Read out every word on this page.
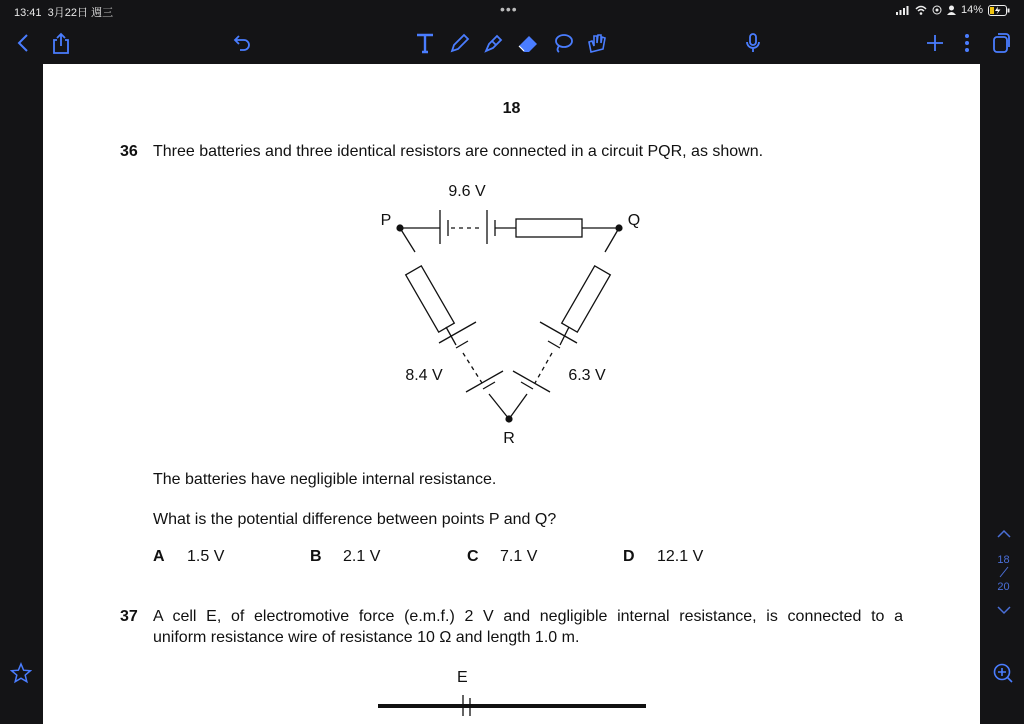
13:41 3月22日 週三	•••	14%
18
36 Three batteries and three identical resistors are connected in a circuit PQR, as shown.
9.6 V
8.4 V	6.3 V
P	Q
R
The batteries have negligible internal resistance.
What is the potential difference between points P and Q?
A 1.5 V	B 2.1 V	C 7.1 V	D 12.1 V
37 A cell E, of electromotive force (e.m.f.) 2 V and negligible internal resistance, is connected to a
uniform resistance wire of resistance 10 Ω and length 1.0 m.
E
18
20
